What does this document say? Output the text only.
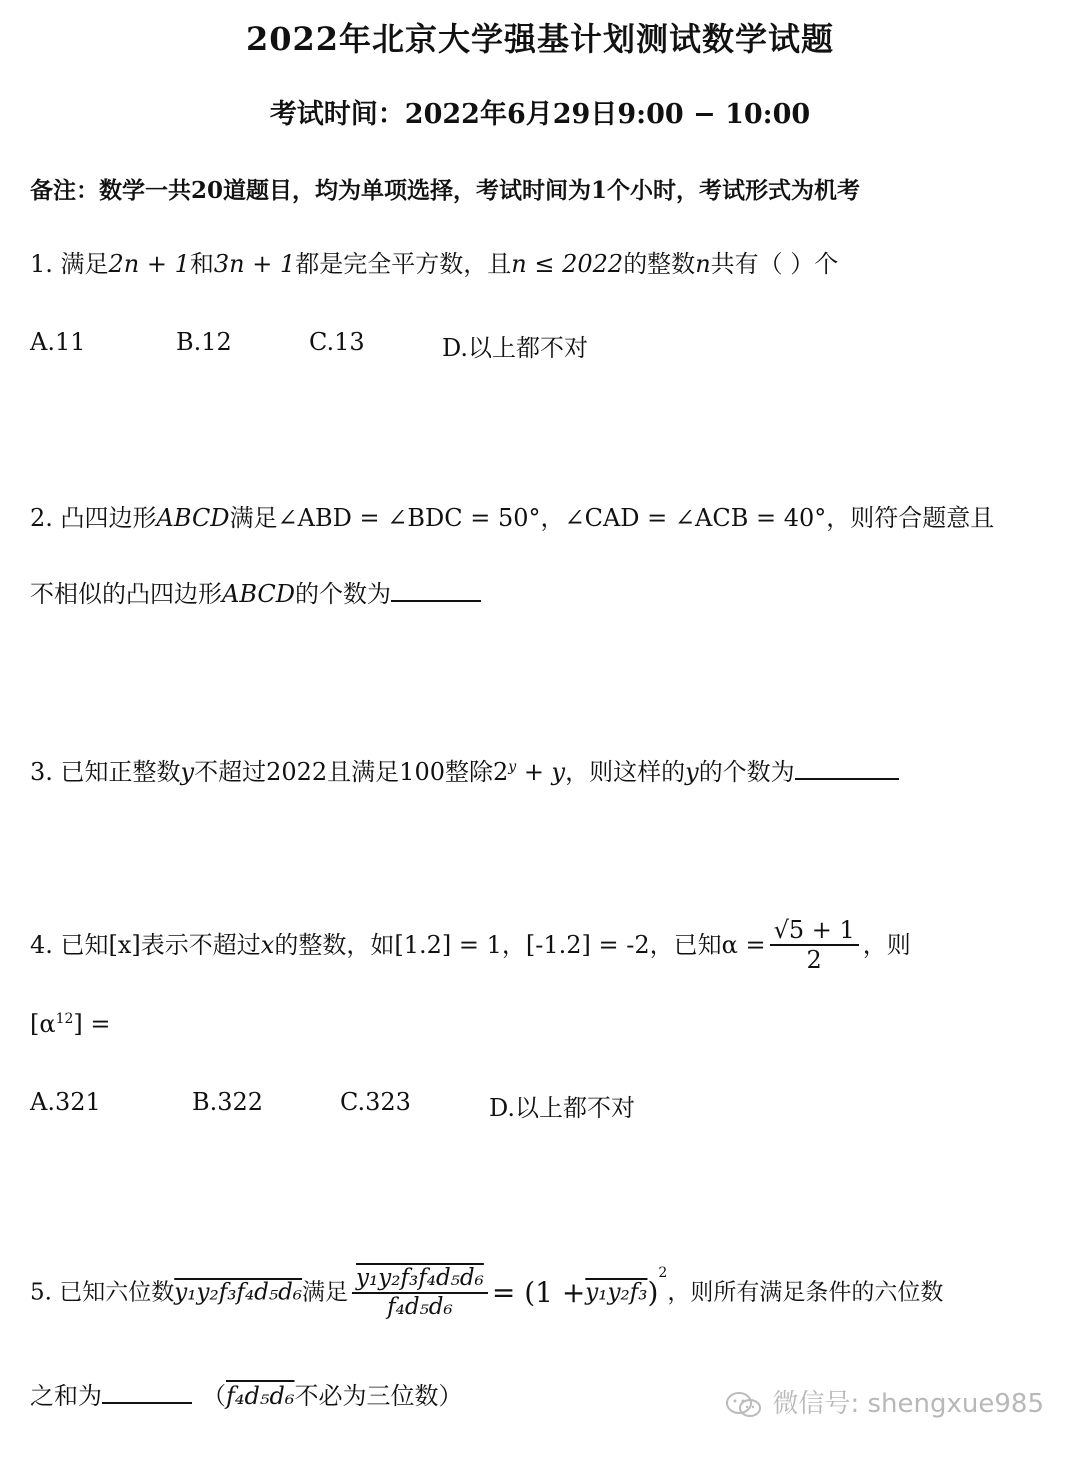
2022年北京大学强基计划测试数学试题
考试时间：2022年6月29日9:00 − 10:00
备注：数学一共20道题目，均为单项选择，考试时间为1个小时，考试形式为机考
1. 满足2n + 1和3n + 1都是完全平方数，且n ≤ 2022的整数n共有（ ）个
A.11	B.12	C.13	D.以上都不对
2. 凸四边形ABCD满足∠ABD = ∠BDC = 50°，∠CAD = ∠ACB = 40°，则符合题意且
不相似的凸四边形ABCD的个数为
3. 已知正整数y不超过2022且满足100整除$2^y + y$，则这样的y的个数为
4. 已知[x]表示不超过x的整数，如[1.2] = 1，[-1.2] = -2，已知$\alpha = \frac{√5 + 1}{2}$ ，则
$[\alpha^{12}]$ =
A.321	B.322	C.323	D.以上都不对
5. 已知六位数y₁y₂f₃f₄d₅d₆满足 $\frac{\text{y₁y₂f₃f₄d₅d₆}}{\text{f₄d₅d₆}} = (1 +y_1y_2f_3)^2$，则所有满足条件的六位数
之和为	（f₄d₅d₆不必为三位数）	微信号: shengxue985
